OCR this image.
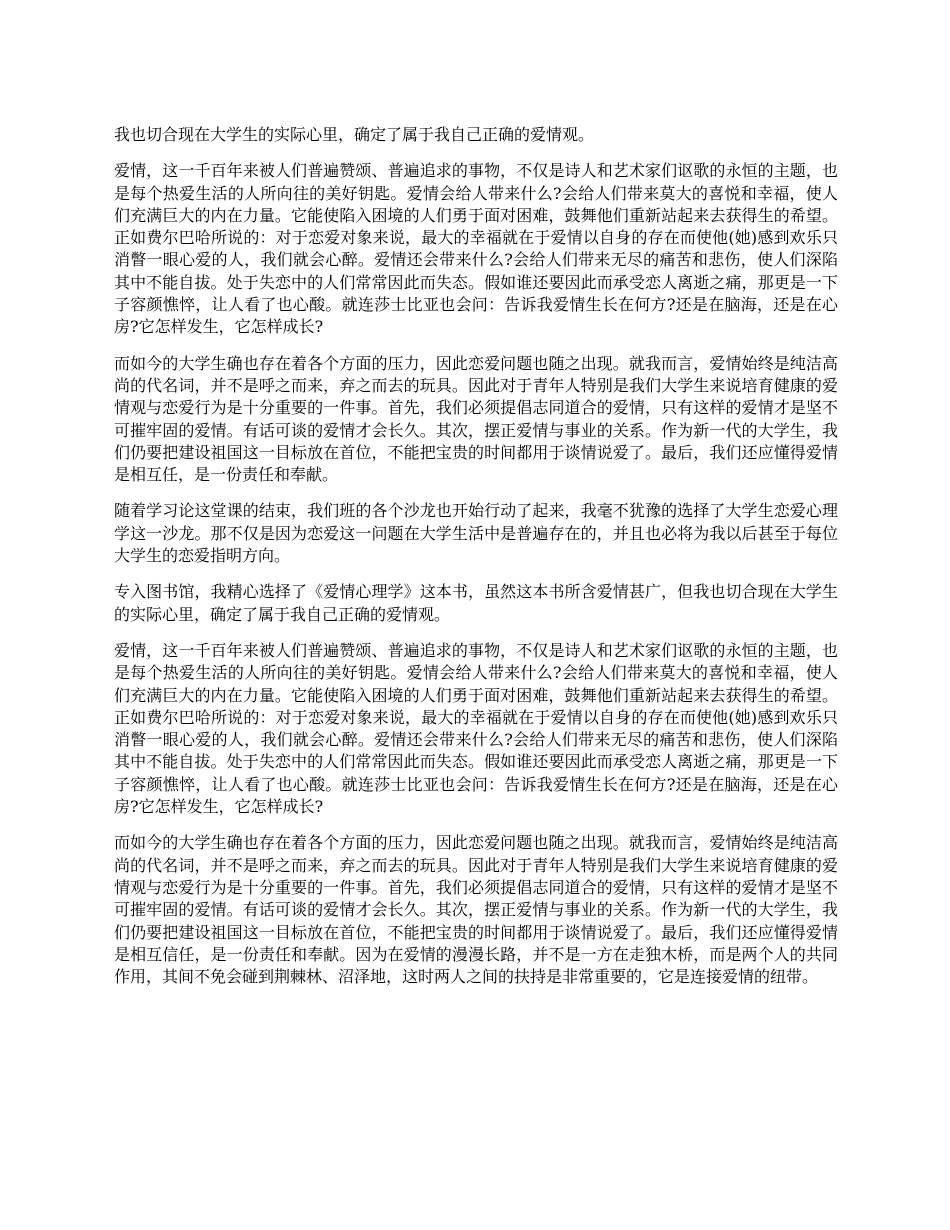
我也切合现在大学生的实际心里，确定了属于我自己正确的爱情观。

爱情，这一千百年来被人们普遍赞颂、普遍追求的事物，不仅是诗人和艺术家们讴歌的永恒的主题，也是每个热爱生活的人所向往的美好钥匙。爱情会给人带来什么?会给人们带来莫大的喜悦和幸福，使人们充满巨大的内在力量。它能使陷入困境的人们勇于面对困难，鼓舞他们重新站起来去获得生的希望。正如费尔巴哈所说的：对于恋爱对象来说，最大的幸福就在于爱情以自身的存在而使他(她)感到欢乐只消瞥一眼心爱的人，我们就会心醉。爱情还会带来什么?会给人们带来无尽的痛苦和悲伤，使人们深陷其中不能自拔。处于失恋中的人们常常因此而失态。假如谁还要因此而承受恋人离逝之痛，那更是一下子容颜憔悴，让人看了也心酸。就连莎士比亚也会问：告诉我爱情生长在何方?还是在脑海，还是在心房?它怎样发生，它怎样成长?

而如今的大学生确也存在着各个方面的压力，因此恋爱问题也随之出现。就我而言，爱情始终是纯洁高尚的代名词，并不是呼之而来，弃之而去的玩具。因此对于青年人特别是我们大学生来说培育健康的爱情观与恋爱行为是十分重要的一件事。首先，我们必须提倡志同道合的爱情，只有这样的爱情才是坚不可摧牢固的爱情。有话可谈的爱情才会长久。其次，摆正爱情与事业的关系。作为新一代的大学生，我们仍要把建设祖国这一目标放在首位，不能把宝贵的时间都用于谈情说爱了。最后，我们还应懂得爱情是相互任，是一份责任和奉献。

随着学习论这堂课的结束，我们班的各个沙龙也开始行动了起来，我毫不犹豫的选择了大学生恋爱心理学这一沙龙。那不仅是因为恋爱这一问题在大学生活中是普遍存在的，并且也必将为我以后甚至于每位大学生的恋爱指明方向。

专入图书馆，我精心选择了《爱情心理学》这本书，虽然这本书所含爱情甚广，但我也切合现在大学生的实际心里，确定了属于我自己正确的爱情观。

爱情，这一千百年来被人们普遍赞颂、普遍追求的事物，不仅是诗人和艺术家们讴歌的永恒的主题，也是每个热爱生活的人所向往的美好钥匙。爱情会给人带来什么?会给人们带来莫大的喜悦和幸福，使人们充满巨大的内在力量。它能使陷入困境的人们勇于面对困难，鼓舞他们重新站起来去获得生的希望。正如费尔巴哈所说的：对于恋爱对象来说，最大的幸福就在于爱情以自身的存在而使他(她)感到欢乐只消瞥一眼心爱的人，我们就会心醉。爱情还会带来什么?会给人们带来无尽的痛苦和悲伤，使人们深陷其中不能自拔。处于失恋中的人们常常因此而失态。假如谁还要因此而承受恋人离逝之痛，那更是一下子容颜憔悴，让人看了也心酸。就连莎士比亚也会问：告诉我爱情生长在何方?还是在脑海，还是在心房?它怎样发生，它怎样成长?

而如今的大学生确也存在着各个方面的压力，因此恋爱问题也随之出现。就我而言，爱情始终是纯洁高尚的代名词，并不是呼之而来，弃之而去的玩具。因此对于青年人特别是我们大学生来说培育健康的爱情观与恋爱行为是十分重要的一件事。首先，我们必须提倡志同道合的爱情，只有这样的爱情才是坚不可摧牢固的爱情。有话可谈的爱情才会长久。其次，摆正爱情与事业的关系。作为新一代的大学生，我们仍要把建设祖国这一目标放在首位，不能把宝贵的时间都用于谈情说爱了。最后，我们还应懂得爱情是相互信任，是一份责任和奉献。因为在爱情的漫漫长路，并不是一方在走独木桥，而是两个人的共同作用，其间不免会碰到荆棘林、沼泽地，这时两人之间的扶持是非常重要的，它是连接爱情的纽带。
